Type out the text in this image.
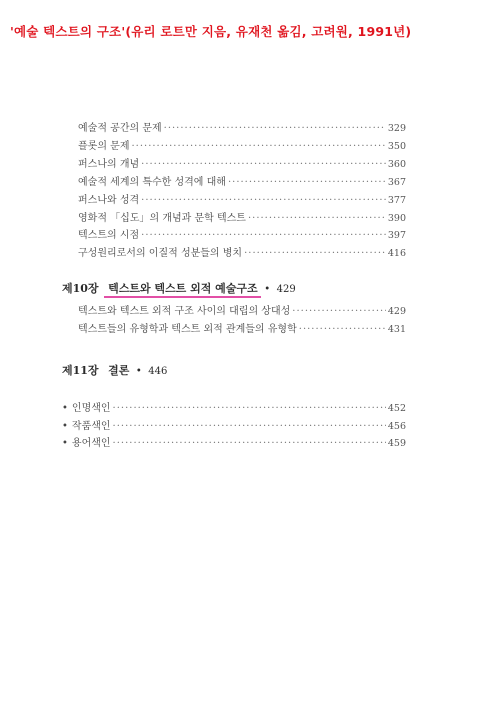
'예술 텍스트의 구조'(유리 로트만 지음, 유재천 옮김, 고려원, 1991년)
예술적 공간의 문제 ·····	329
플롯의 문제 ·····	350
퍼스나의 개념 ·····	360
예술적 세계의 특수한 성격에 대해 ·····	367
퍼스나와 성격 ·····	377
영화적 「십도」의 개념과 문학 텍스트 ·····	390
텍스트의 시점 ·····	397
구성원리로서의 이질적 성분들의 병치 ·····	416
제10장 텍스트와 텍스트 외적 예술구조 • 429
텍스트와 텍스트 외적 구조 사이의 대립의 상대성 ·····	429
텍스트들의 유형학과 텍스트 외적 관계들의 유형학 ·····	431
제11장 결론 • 446
• 인명색인 ·····	452
• 작품색인 ·····	456
• 용어색인 ·····	459
